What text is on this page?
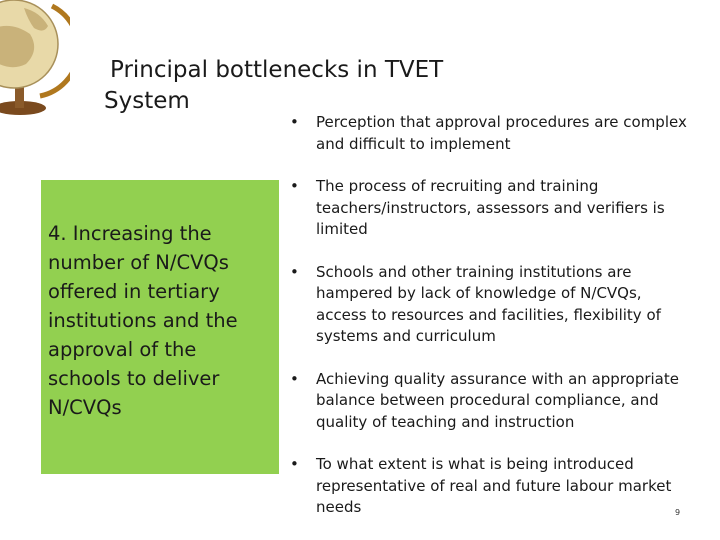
Principal bottlenecks in TVET
System
4. Increasing the number of N/CVQs offered in tertiary institutions and the approval of the schools to deliver N/CVQs
• Perception that approval procedures are complex and difficult to implement
• The process of recruiting and training teachers/instructors, assessors and verifiers is limited
• Schools and other training institutions are hampered by lack of knowledge of N/CVQs, access to resources and facilities, flexibility of systems and curriculum
• Achieving quality assurance with an appropriate balance between procedural compliance, and quality of teaching and instruction
• To what extent is what is being introduced representative of real and future labour market needs	9
